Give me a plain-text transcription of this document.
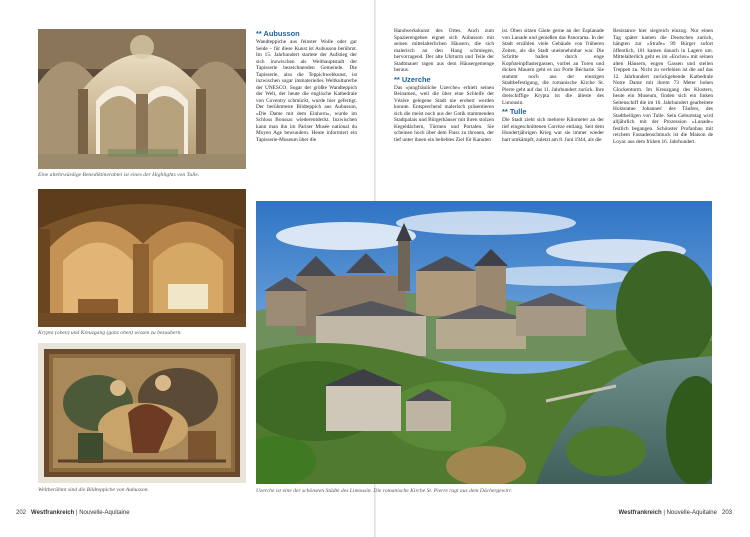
Eine altehrwürdige Benediktinerabtei ist eines der Highlights von Tulle.
Krypta (oben) und Kreuzgang (ganz oben) wissen zu bezaubern.
Weltberühmt sind die Bildteppiche von Aubusson.
** Aubusson

Wandteppiche aus feinster Wolle oder gar Seide – für diese Kunst ist Aubusson berühmt. Im 15. Jahrhundert startete der Aufstieg der sich inzwischen als Welthauptstadt der Tapisserie bezeichnenden Gemeinde. Die Tapisserie, also die Teppichwebkunst, ist inzwischen sogar immaterielles Weltkulturerbe der UNESCO. Sogar der größte Wandteppich der Welt, der heute die englische Kathedrale von Coventry schmückt, wurde hier gefertigt. Der berühmteste Bildteppich aus Aubusson, »Die Dame mit dem Einhorn«, wurde im Schloss Boussac wiederentdeckt. Inzwischen kann man ihn im Pariser Musée national du Moyen Age bewundern. Heute informiert ein Tapisserie-Museum über die

202 Westfrankreich | Nouvelle-Aquitaine

Handwerkskunst des Ortes. Auch zum Spazierengehen eignet sich Aubusson mit seinen mittelalterlichen Häusern, die sich malerisch an den Hang schmiegen, hervorragend. Der alte Uhrturm und Teile der Stadtmauer ragen aus dem Häusergemenge heraus.

** Uzerche

Das »jungfräuliche Uzerche« erhielt seinen Beinamen, weil die über eine Schleife der Vézère gelegene Stadt nie erobert werden konnte. Entsprechend malerisch präsentieren sich die meist noch aus der Gotik stammenden Stadtpalais und Bürgerhäuser mit ihren stolzen Kegeldächern, Türmen und Portalen. Sie scheinen hoch über dem Fluss zu thronen, der tief unter ihnen ein beliebtes Ziel für Kanuten

ist. Oben sitzen Gäste gerne an der Esplanade von Lunade und genießen das Panorama. In der Stadt erzählen viele Gebäude von früheren Zeiten, als die Stadt uneinnehmbar war. Die Schritte hallen durch enge Kopfsteinpflastergassen, vorbei an Toren und dicken Mauern geht es zur Porte Bécharie. Sie stammt noch aus der einstigen Stadtbefestigung, die romanische Kirche St. Pierre geht auf das 11. Jahrhundert zurück. Ihre dreischiffige Krypta ist die älteste des Limousin.

** Tulle

Die Stadt zieht sich mehrere Kilometer an der tief eingeschnittenen Corrèze entlang. Seit dem Hundertjährigen Krieg war sie immer wieder hart umkämpft, zuletzt am 8. Juni 1944, als die

Resistance hier siegreich einzog. Nur einen Tag später kamen die Deutschen zurück, hängten zur »Strafe« 99 Bürger sofort öffentlich, 101 kamen danach in Lagern um. Mittelalterlich geht es im »Enclos« mit seinen alten Häusern, engen Gassen und steilen Treppen zu. Nicht zu verfehlen ist die auf das 12. Jahrhundert zurückgehende Kathedrale Notre Dame mit ihrem 73 Meter hohen Glockenturm. Im Kreuzgang des Klosters, heute ein Museum, finden sich ein linken Seitenschiff die im 16. Jahrhundert gearbeitete Holzstatue Johannes' des Täufers, des Stadtheiligen von Tulle. Sein Geburtstag wird alljährlich mit der Prozession »Lunade« festlich begangen. Schönster Profanbau mit reichem Fassadenschmuck ist die Maison de Loyac aus dem frühen 16. Jahrhundert.

Uzerche ist eine der schönsten Städte des Limousin. Die romanische Kirche St. Pierre ragt aus dem Dächergewirr.
Westfrankreich | Nouvelle-Aquitaine 203
